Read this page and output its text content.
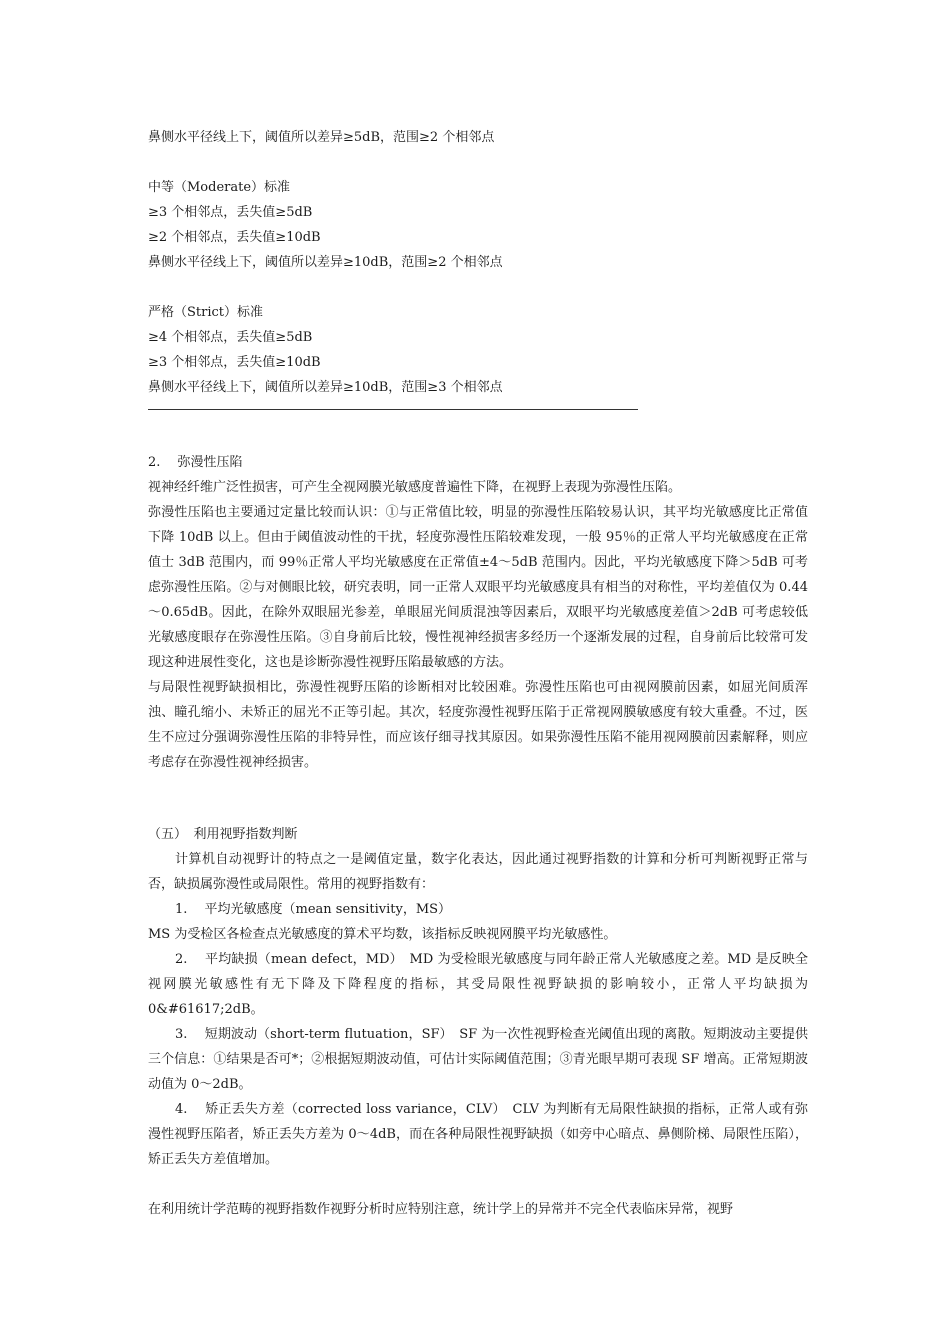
鼻侧水平径线上下，阈值所以差异≥5dB，范围≥2 个相邻点
中等（Moderate）标准
≥3 个相邻点，丢失值≥5dB
≥2 个相邻点，丢失值≥10dB
鼻侧水平径线上下，阈值所以差异≥10dB，范围≥2 个相邻点
严格（Strict）标准
≥4 个相邻点，丢失值≥5dB
≥3 个相邻点，丢失值≥10dB
鼻侧水平径线上下，阈值所以差异≥10dB，范围≥3 个相邻点
2.　 弥漫性压陷
视神经纤维广泛性损害，可产生全视网膜光敏感度普遍性下降，在视野上表现为弥漫性压陷。
弥漫性压陷也主要通过定量比较而认识：①与正常值比较，明显的弥漫性压陷较易认识，其平均光敏感度比正常值下降 10dB 以上。但由于阈值波动性的干扰，轻度弥漫性压陷较难发现，一般 95％的正常人平均光敏感度在正常值士 3dB 范围内，而 99％正常人平均光敏感度在正常值±4～5dB 范围内。因此，平均光敏感度下降＞5dB 可考虑弥漫性压陷。②与对侧眼比较，研究表明，同一正常人双眼平均光敏感度具有相当的对称性，平均差值仅为 0.44～0.65dB。因此，在除外双眼屈光参差，单眼屈光间质混浊等因素后，双眼平均光敏感度差值＞2dB 可考虑较低光敏感度眼存在弥漫性压陷。③自身前后比较，慢性视神经损害多经历一个逐渐发展的过程，自身前后比较常可发现这种进展性变化，这也是诊断弥漫性视野压陷最敏感的方法。
与局限性视野缺损相比，弥漫性视野压陷的诊断相对比较困难。弥漫性压陷也可由视网膜前因素，如屈光间质浑浊、瞳孔缩小、未矫正的屈光不正等引起。其次，轻度弥漫性视野压陷于正常视网膜敏感度有较大重叠。不过，医生不应过分强调弥漫性压陷的非特异性，而应该仔细寻找其原因。如果弥漫性压陷不能用视网膜前因素解释，则应考虑存在弥漫性视神经损害。
（五）　利用视野指数判断
计算机自动视野计的特点之一是阈值定量，数字化表达，因此通过视野指数的计算和分析可判断视野正常与否，缺损属弥漫性或局限性。常用的视野指数有：
1.　 平均光敏感度（mean sensitivity，MS）
MS 为受检区各检查点光敏感度的算术平均数，该指标反映视网膜平均光敏感性。
2.　 平均缺损（mean defect，MD）　MD 为受检眼光敏感度与同年龄正常人光敏感度之差。MD 是反映全视网膜光敏感性有无下降及下降程度的指标，其受局限性视野缺损的影响较小，正常人平均缺损为 0&#61617;2dB。
3.　 短期波动（short-term flutuation，SF）　SF 为一次性视野检查光阈值出现的离散。短期波动主要提供三个信息：①结果是否可*；②根据短期波动值，可估计实际阈值范围；③青光眼早期可表现 SF 增高。正常短期波动值为 0～2dB。
4.　 矫正丢失方差（corrected loss variance，CLV）　CLV 为判断有无局限性缺损的指标，正常人或有弥漫性视野压陷者，矫正丢失方差为 0～4dB，而在各种局限性视野缺损（如旁中心暗点、鼻侧阶梯、局限性压陷），矫正丢失方差值增加。
在利用统计学范畴的视野指数作视野分析时应特别注意，统计学上的异常并不完全代表临床异常，视野
